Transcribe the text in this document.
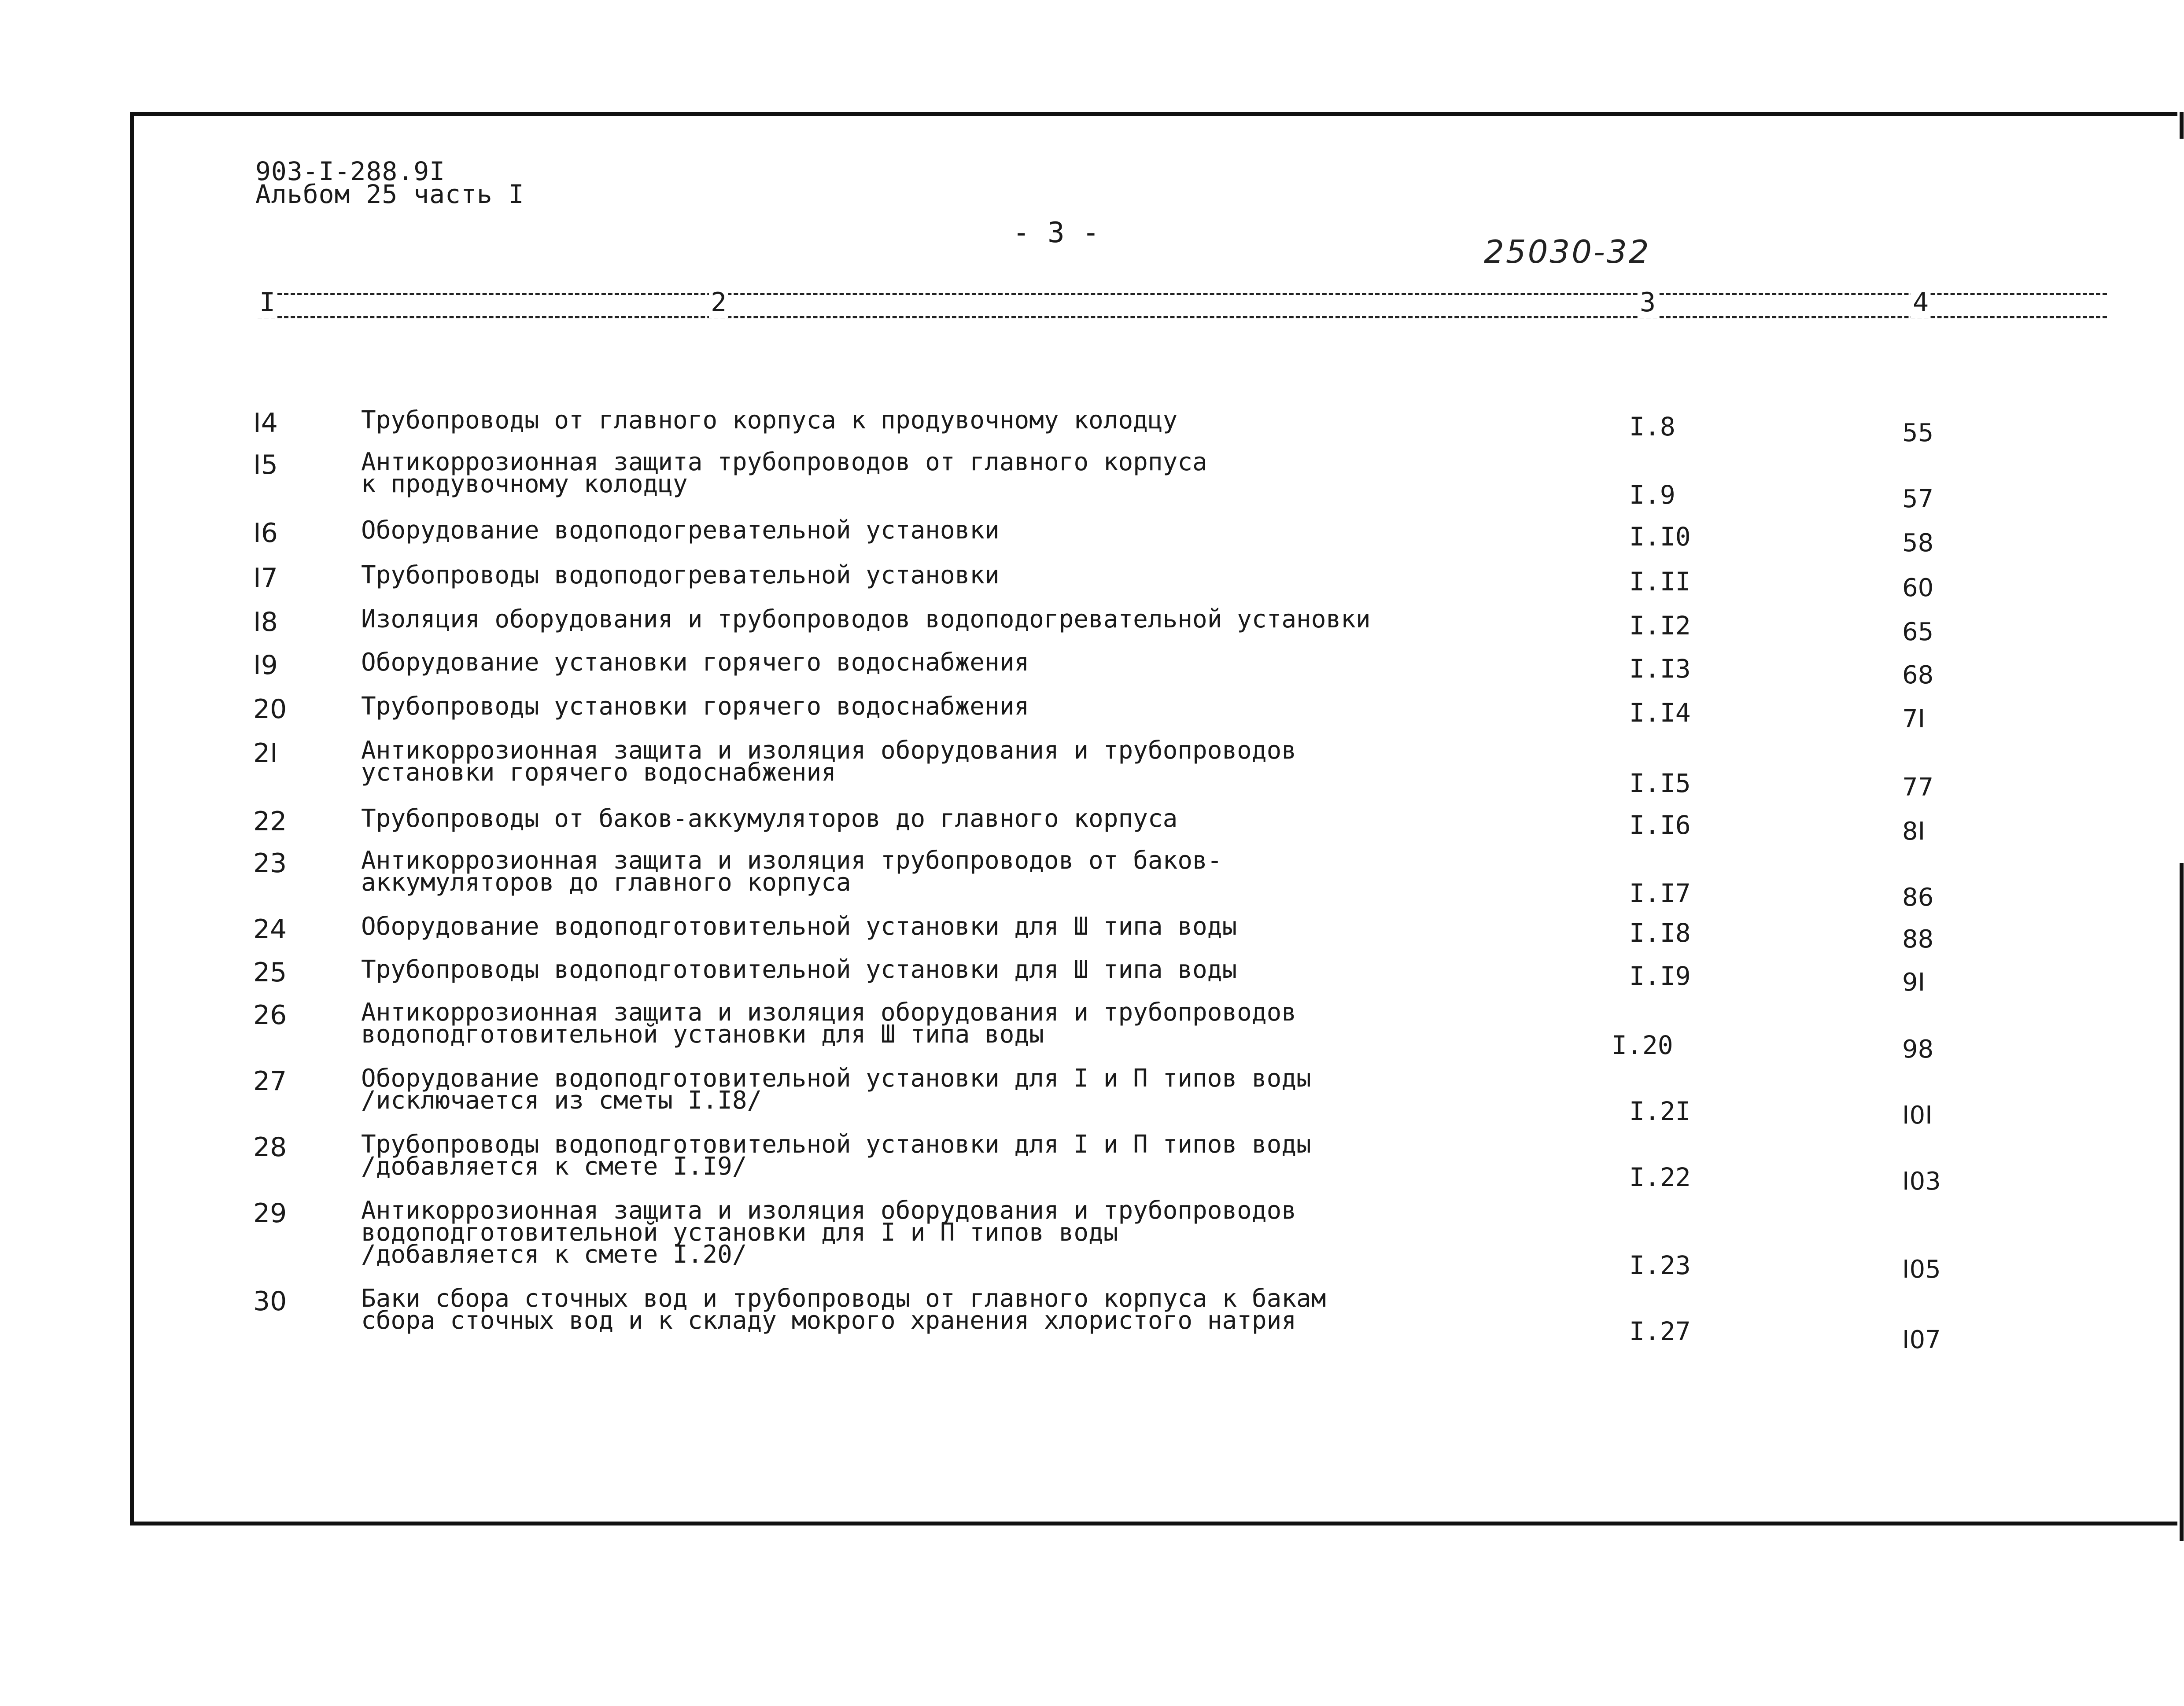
903-I-288.9I
Альбом 25 часть I
- 3 -
25030-32
I	2	3	4
I4	Трубопроводы от главного корпуса к продувочному колодцу	I.8	55
I5	Антикоррозионная защита трубопроводов от главного корпуса
к продувочному колодцу	I.9	57
I6	Оборудование водоподогревательной установки	I.I0	58
I7	Трубопроводы водоподогревательной установки	I.II	60
I8	Изоляция оборудования и трубопроводов водоподогревательной установки	I.I2	65
I9	Оборудование установки горячего водоснабжения	I.I3	68
20	Трубопроводы установки горячего водоснабжения	I.I4	7I
2I	Антикоррозионная защита и изоляция оборудования и трубопроводов
установки горячего водоснабжения	I.I5	77
22	Трубопроводы от баков-аккумуляторов до главного корпуса	I.I6	8I
23	Антикоррозионная защита и изоляция трубопроводов от баков-
аккумуляторов до главного корпуса	I.I7	86
24	Оборудование водоподготовительной установки для Ш типа воды	I.I8	88
25	Трубопроводы водоподготовительной установки для Ш типа воды	I.I9	9I
26	Антикоррозионная защита и изоляция оборудования и трубопроводов
водоподготовительной установки для Ш типа воды	I.20	98
27	Оборудование водоподготовительной установки для I и П типов воды
/исключается из сметы I.I8/	I.2I	I0I
28	Трубопроводы водоподготовительной установки для I и П типов воды
/добавляется к смете I.I9/	I.22	I03
29	Антикоррозионная защита и изоляция оборудования и трубопроводов
водоподготовительной установки для I и П типов воды
/добавляется к смете I.20/	I.23	I05
30	Баки сбора сточных вод и трубопроводы от главного корпуса к бакам
сбора сточных вод и к складу мокрого хранения хлористого натрия	I.27	I07
